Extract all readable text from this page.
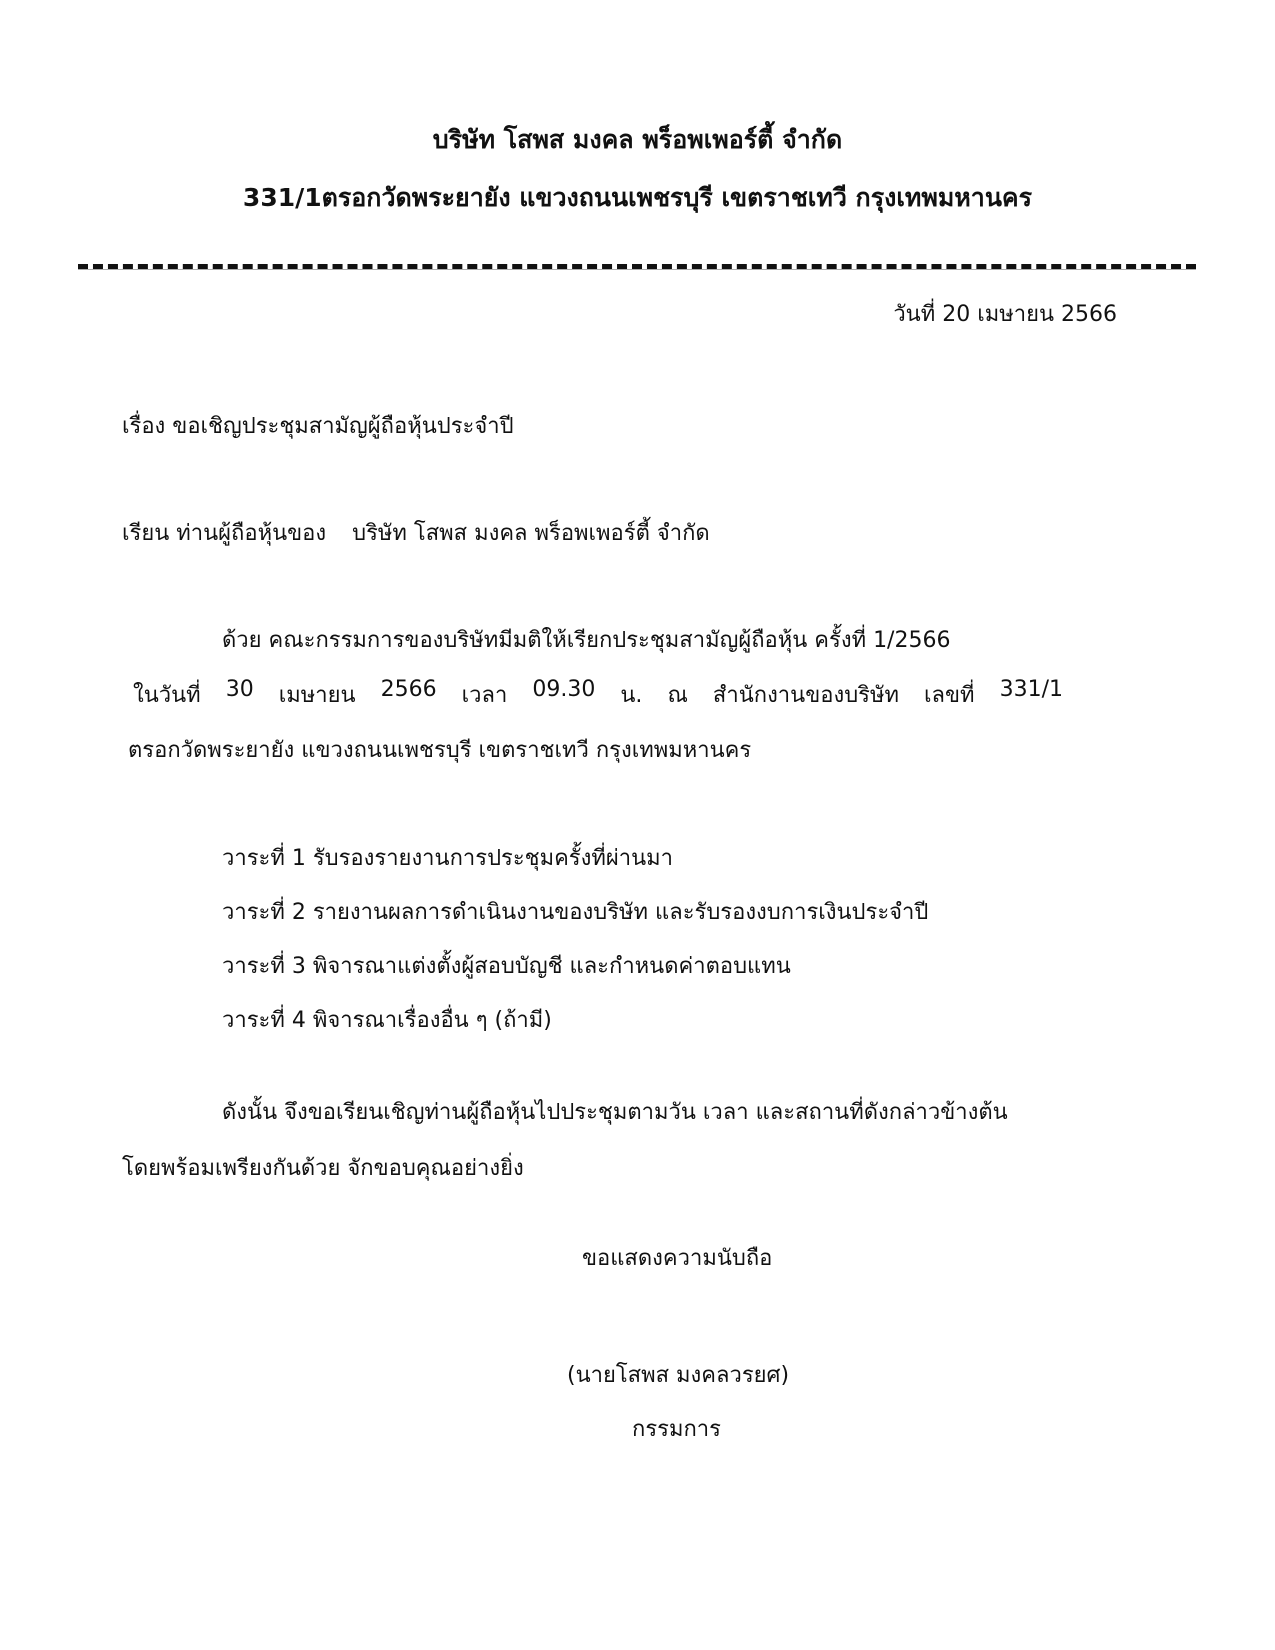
บริษัท โสพส มงคล พร็อพเพอร์ตี้ จำกัด
331/1ตรอกวัดพระยายัง แขวงถนนเพชรบุรี เขตราชเทวี กรุงเทพมหานคร
วันที่ 20 เมษายน 2566
เรื่อง ขอเชิญประชุมสามัญผู้ถือหุ้นประจำปี
เรียน ท่านผู้ถือหุ้นของ บริษัท โสพส มงคล พร็อพเพอร์ตี้ จำกัด
ด้วย คณะกรรมการของบริษัทมีมติให้เรียกประชุมสามัญผู้ถือหุ้น ครั้งที่ 1/2566
ในวันที่ 30 เมษายน 2566 เวลา 09.30 น. ณ สำนักงานของบริษัท เลขที่ 331/1
ตรอกวัดพระยายัง แขวงถนนเพชรบุรี เขตราชเทวี กรุงเทพมหานคร
วาระที่ 1 รับรองรายงานการประชุมครั้งที่ผ่านมา
วาระที่ 2 รายงานผลการดำเนินงานของบริษัท และรับรองงบการเงินประจำปี
วาระที่ 3 พิจารณาแต่งตั้งผู้สอบบัญชี และกำหนดค่าตอบแทน
วาระที่ 4 พิจารณาเรื่องอื่น ๆ (ถ้ามี)
ดังนั้น จึงขอเรียนเชิญท่านผู้ถือหุ้นไปประชุมตามวัน เวลา และสถานที่ดังกล่าวข้างต้น
โดยพร้อมเพรียงกันด้วย จักขอบคุณอย่างยิ่ง
ขอแสดงความนับถือ
(นายโสพส มงคลวรยศ)
กรรมการ
